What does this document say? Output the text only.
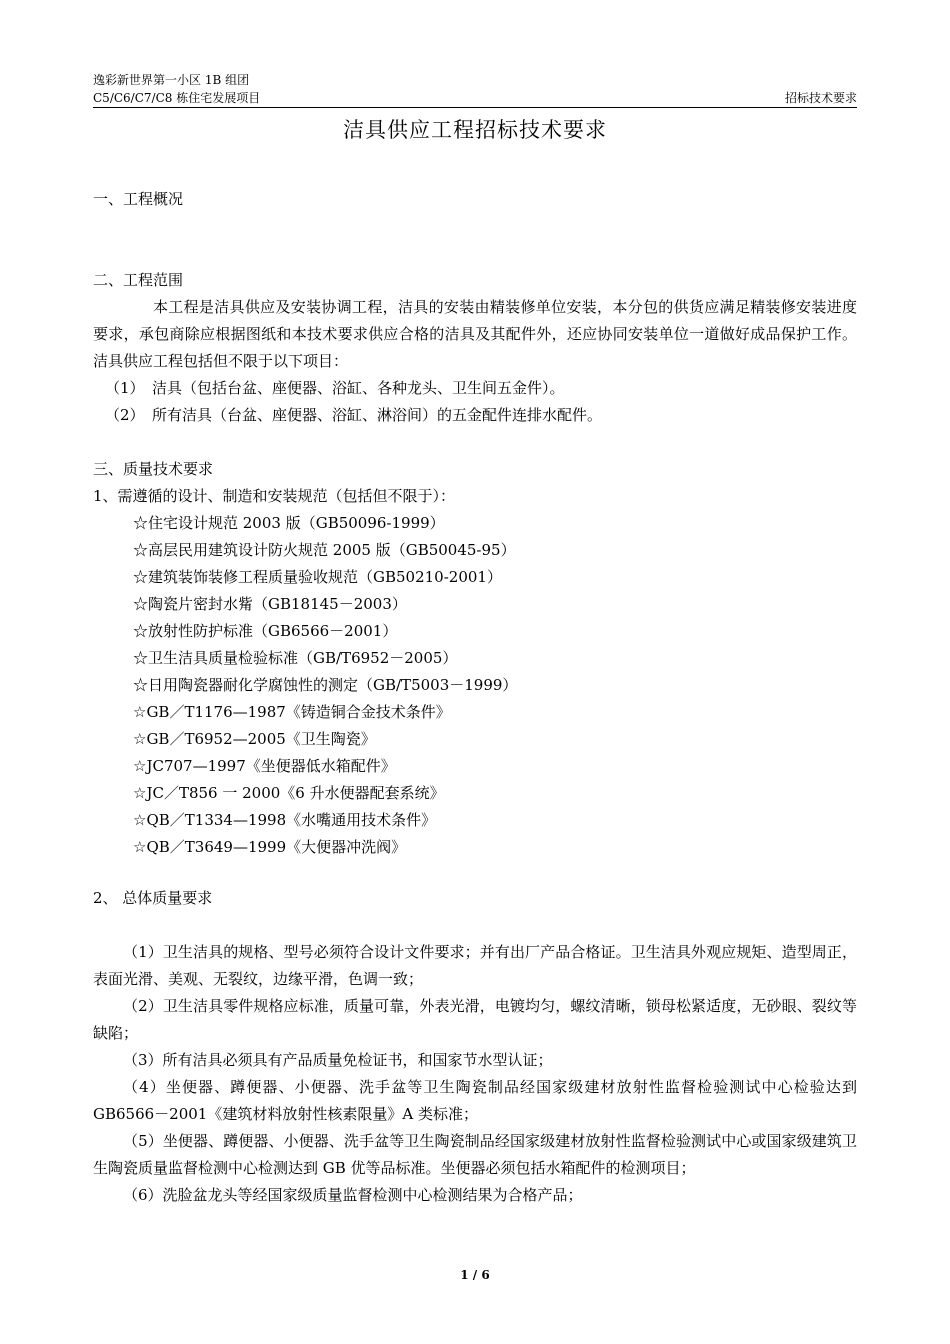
逸彩新世界第一小区 1B 组团
C5/C6/C7/C8 栋住宅发展项目	招标技术要求
洁具供应工程招标技术要求

一、工程概况

二、工程范围

本工程是洁具供应及安装协调工程，洁具的安装由精装修单位安装，本分包的供货应满足精装修安装进度要求，承包商除应根据图纸和本技术要求供应合格的洁具及其配件外，还应协同安装单位一道做好成品保护工作。洁具供应工程包括但不限于以下项目：

（1）　洁具（包括台盆、座便器、浴缸、各种龙头、卫生间五金件）。

（2）　所有洁具（台盆、座便器、浴缸、淋浴间）的五金配件连排水配件。

三、质量技术要求

1、需遵循的设计、制造和安装规范（包括但不限于）：

☆住宅设计规范 2003 版（GB50096-1999）

☆高层民用建筑设计防火规范 2005 版（GB50045-95）

☆建筑装饰装修工程质量验收规范（GB50210-2001）

☆陶瓷片密封水觜（GB18145－2003）

☆放射性防护标准（GB6566－2001）

☆卫生洁具质量检验标准（GB/T6952－2005）

☆日用陶瓷器耐化学腐蚀性的测定（GB/T5003－1999）

☆GB／T1176—1987《铸造铜合金技术条件》

☆GB／T6952—2005《卫生陶瓷》

☆JC707—1997《坐便器低水箱配件》

☆JC／T856 一 2000《6 升水便器配套系统》

☆QB／T1334—1998《水嘴通用技术条件》

☆QB／T3649—1999《大便器冲洗阀》

2、 总体质量要求

（1）卫生洁具的规格、型号必须符合设计文件要求；并有出厂产品合格证。卫生洁具外观应规矩、造型周正，表面光滑、美观、无裂纹，边缘平滑，色调一致；

（2）卫生洁具零件规格应标准，质量可靠，外表光滑，电镀均匀，螺纹清晰，锁母松紧适度，无砂眼、裂纹等缺陷；

（3）所有洁具必须具有产品质量免检证书，和国家节水型认证；

（4）坐便器、蹲便器、小便器、洗手盆等卫生陶瓷制品经国家级建材放射性监督检验测试中心检验达到 GB6566－2001《建筑材料放射性核素限量》A 类标准；

（5）坐便器、蹲便器、小便器、洗手盆等卫生陶瓷制品经国家级建材放射性监督检验测试中心或国家级建筑卫生陶瓷质量监督检测中心检测达到 GB 优等品标准。坐便器必须包括水箱配件的检测项目；

（6）洗脸盆龙头等经国家级质量监督检测中心检测结果为合格产品；

1 / 6
